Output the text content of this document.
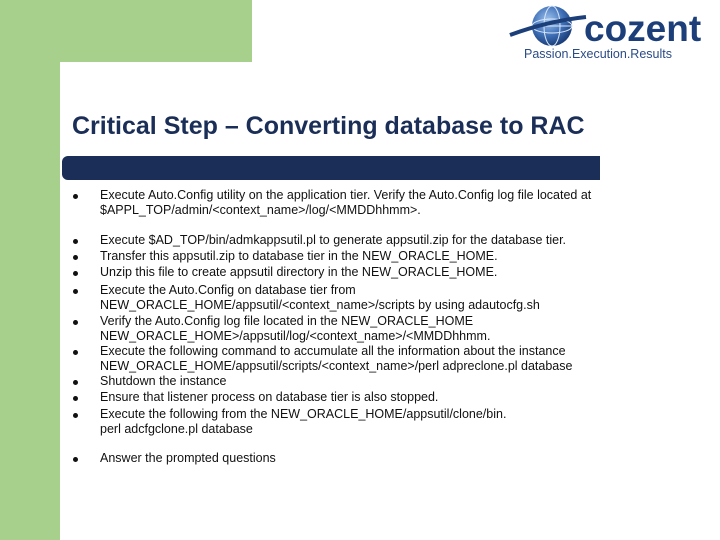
cozent
Passion.Execution.Results
Critical Step – Converting database to RAC
Execute Auto.Config utility on the application tier. Verify the Auto.Config log file located at
$APPL_TOP/admin/<context_name>/log/<MMDDhhmm>.
Execute $AD_TOP/bin/admkappsutil.pl to generate appsutil.zip for the database tier.
Transfer this appsutil.zip to database tier in the NEW_ORACLE_HOME.
Unzip this file to create appsutil directory in the NEW_ORACLE_HOME.
Execute the Auto.Config on database tier from
NEW_ORACLE_HOME/appsutil/<context_name>/scripts by using adautocfg.sh
Verify the Auto.Config log file located in the NEW_ORACLE_HOME
NEW_ORACLE_HOME>/appsutil/log/<context_name>/<MMDDhhmm.
Execute the following command to accumulate all the information about the instance
NEW_ORACLE_HOME/appsutil/scripts/<context_name>/perl adpreclone.pl database
Shutdown the instance
Ensure that listener process on database tier is also stopped.
Execute the following from the NEW_ORACLE_HOME/appsutil/clone/bin.
perl adcfgclone.pl database
Answer the prompted questions
